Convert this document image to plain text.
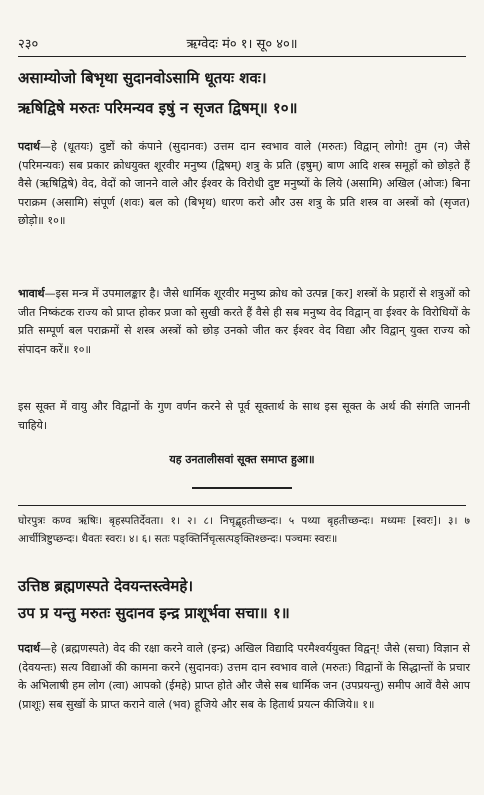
२३०	ऋग्वेदः मं० १। सू० ४०॥
असाम्योजो बिभृथा सुदानवोऽसामि धूतयः शवः।
ऋषिद्विषे मरुतः परिमन्यव इषुं न सृजत द्विषम्॥ १०॥
पदार्थ—हे (धूतयः) दुष्टों को कंपाने (सुदानवः) उत्तम दान स्वभाव वाले (मरुतः) विद्वान् लोगो! तुम (न) जैसे (परिमन्यवः) सब प्रकार क्रोधयुक्त शूरवीर मनुष्य (द्विषम्) शत्रु के प्रति (इषुम्) बाण आदि शस्त्र समूहों को छोड़ते हैं वैसे (ऋषिद्विषे) वेद, वेदों को जानने वाले और ईश्वर के विरोधी दुष्ट मनुष्यों के लिये (असामि) अखिल (ओजः) बिना पराक्रम (असामि) संपूर्ण (शवः) बल को (बिभृथ) धारण करो और उस शत्रु के प्रति शस्त्र वा अस्त्रों को (सृजत) छोड़ो॥ १०॥
भावार्थ—इस मन्त्र में उपमालङ्कार है। जैसे धार्मिक शूरवीर मनुष्य क्रोध को उत्पन्न [कर] शस्त्रों के प्रहारों से शत्रुओं को जीत निष्कंटक राज्य को प्राप्त होकर प्रजा को सुखी करते हैं वैसे ही सब मनुष्य वेद विद्वान् वा ईश्वर के विरोधियों के प्रति सम्पूर्ण बल पराक्रमों से शस्त्र अस्त्रों को छोड़ उनको जीत कर ईश्वर वेद विद्या और विद्वान् युक्त राज्य को संपादन करें॥ १०॥
इस सूक्त में वायु और विद्वानों के गुण वर्णन करने से पूर्व सूक्तार्थ के साथ इस सूक्त के अर्थ की संगति जाननी चाहिये।
यह उनतालीसवां सूक्त समाप्त हुआ॥
घोरपुत्रः कण्व ऋषिः। बृहस्पतिर्देवता। १। २। ८। निचृद्बृहतीच्छन्दः। ५ पथ्या बृहतीच्छन्दः। मध्यमः [स्वरः]। ३। ७ आर्चीत्रिष्टुप्छन्दः। धैवतः स्वरः। ४। ६। सतः पङ्क्तिर्निचृत्सत्पङ्क्तिश्छन्दः। पञ्चमः स्वरः॥
उत्तिष्ठ ब्रह्मणस्पते देवयन्तस्त्वेमहे।
उप प्र यन्तु मरुतः सुदानव इन्द्र प्राशूर्भवा सचा॥ १॥
पदार्थ—हे (ब्रह्मणस्पते) वेद की रक्षा करने वाले (इन्द्र) अखिल विद्यादि परमैश्वर्ययुक्त विद्वन्! जैसे (सचा) विज्ञान से (देवयन्तः) सत्य विद्याओं की कामना करने (सुदानवः) उत्तम दान स्वभाव वाले (मरुतः) विद्वानों के सिद्धान्तों के प्रचार के अभिलाषी हम लोग (त्वा) आपको (ईमहे) प्राप्त होते और जैसे सब धार्मिक जन (उपप्रयन्तु) समीप आवें वैसे आप (प्राशूः) सब सुखों के प्राप्त कराने वाले (भव) हूजिये और सब के हितार्थ प्रयत्न कीजिये॥ १॥
